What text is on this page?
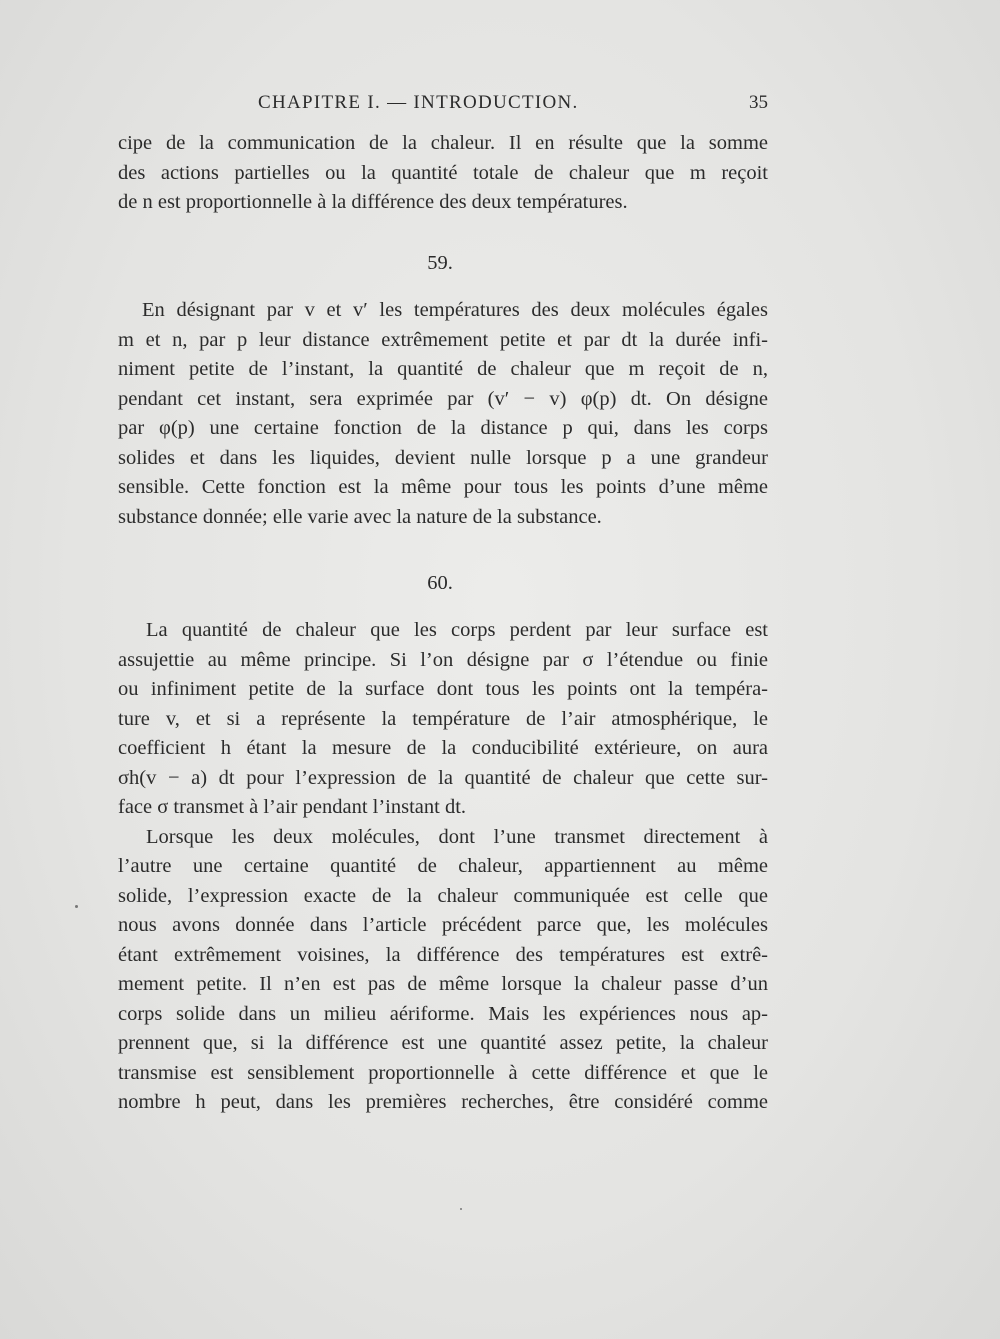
CHAPITRE I. — INTRODUCTION.	35
cipe de la communication de la chaleur. Il en résulte que la somme
des actions partielles ou la quantité totale de chaleur que m reçoit
de n est proportionnelle à la différence des deux températures.
59.
En désignant par v et v′ les températures des deux molécules égales
m et n, par p leur distance extrêmement petite et par dt la durée infi-
niment petite de l’instant, la quantité de chaleur que m reçoit de n,
pendant cet instant, sera exprimée par (v′ − v) φ(p) dt. On désigne
par φ(p) une certaine fonction de la distance p qui, dans les corps
solides et dans les liquides, devient nulle lorsque p a une grandeur
sensible. Cette fonction est la même pour tous les points d’une même
substance donnée; elle varie avec la nature de la substance.
60.
La quantité de chaleur que les corps perdent par leur surface est
assujettie au même principe. Si l’on désigne par σ l’étendue ou finie
ou infiniment petite de la surface dont tous les points ont la tempéra-
ture v, et si a représente la température de l’air atmosphérique, le
coefficient h étant la mesure de la conducibilité extérieure, on aura
σh(v − a) dt pour l’expression de la quantité de chaleur que cette sur-
face σ transmet à l’air pendant l’instant dt.
Lorsque les deux molécules, dont l’une transmet directement à
l’autre une certaine quantité de chaleur, appartiennent au même
solide, l’expression exacte de la chaleur communiquée est celle que
nous avons donnée dans l’article précédent parce que, les molécules
étant extrêmement voisines, la différence des températures est extrê-
mement petite. Il n’en est pas de même lorsque la chaleur passe d’un
corps solide dans un milieu aériforme. Mais les expériences nous ap-
prennent que, si la différence est une quantité assez petite, la chaleur
transmise est sensiblement proportionnelle à cette différence et que le
nombre h peut, dans les premières recherches, être considéré comme
